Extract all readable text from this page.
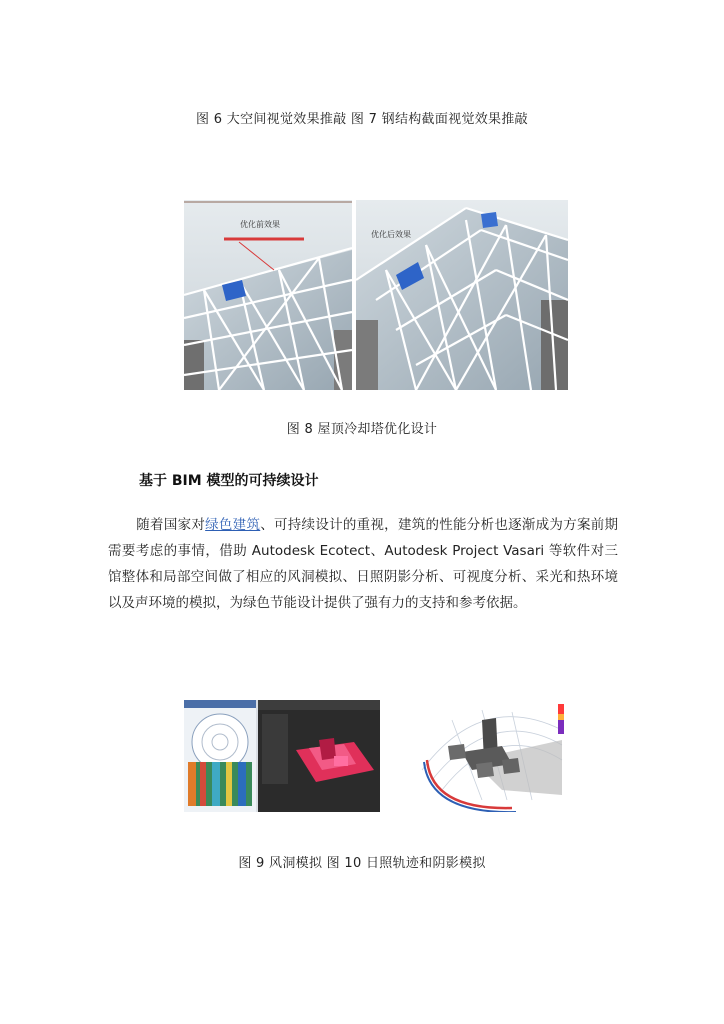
图 6 大空间视觉效果推敲 图 7 钢结构截面视觉效果推敲
优化前效果
优化后效果
图 8 屋顶冷却塔优化设计
基于 BIM 模型的可持续设计
随着国家对绿色建筑、可持续设计的重视，建筑的性能分析也逐渐成为方案前期需要考虑的事情，借助 Autodesk Ecotect、Autodesk Project Vasari 等软件对三馆整体和局部空间做了相应的风洞模拟、日照阴影分析、可视度分析、采光和热环境以及声环境的模拟，为绿色节能设计提供了强有力的支持和参考依据。
图 9 风洞模拟 图 10 日照轨迹和阴影模拟
